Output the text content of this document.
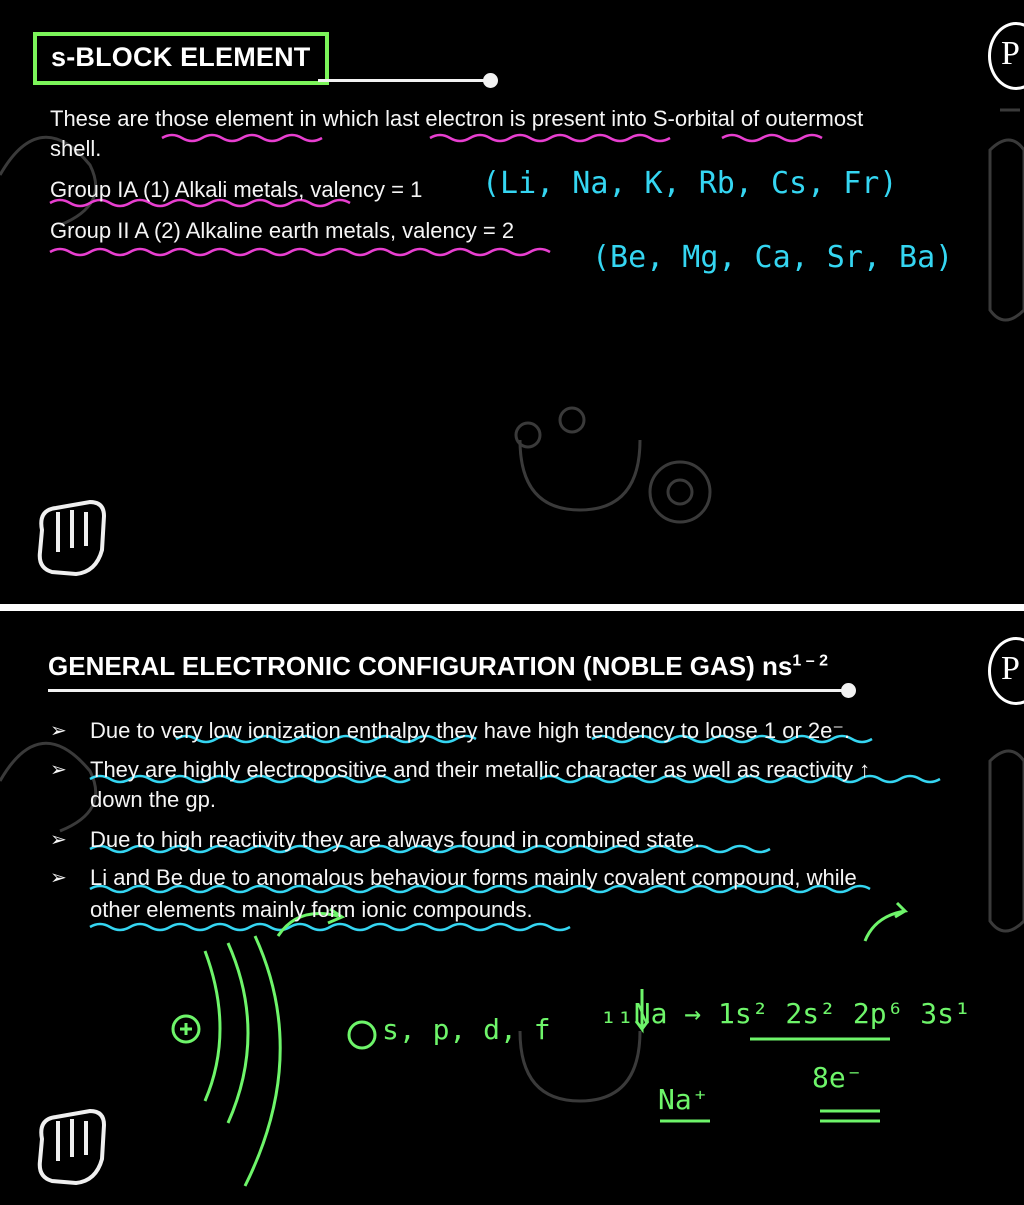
s-BLOCK ELEMENT
These are those element in which last electron is present into S-orbital of outermost
shell.
Group IA (1) Alkali metals, valency = 1
Group II A (2) Alkaline earth metals, valency = 2
(Li, Na, K, Rb, Cs, Fr)
(Be, Mg, Ca, Sr, Ba)
P
GENERAL ELECTRONIC CONFIGURATION (NOBLE GAS) $ns^{1 - 2}$
➢ Due to very low ionization enthalpy they have high tendency to loose 1 or 2e⁻.
➢ They are highly electropositive and their metallic character as well as reactivity ↑
down the gp.
➢ Due to high reactivity they are always found in combined state.
➢ Li and Be due to anomalous behaviour forms mainly covalent compound, while
other elements mainly form ionic compounds.
s, p, d, f ₁₁Na → 1s² 2s² 2p⁶ 3s¹
8e⁻
Na⁺
P
